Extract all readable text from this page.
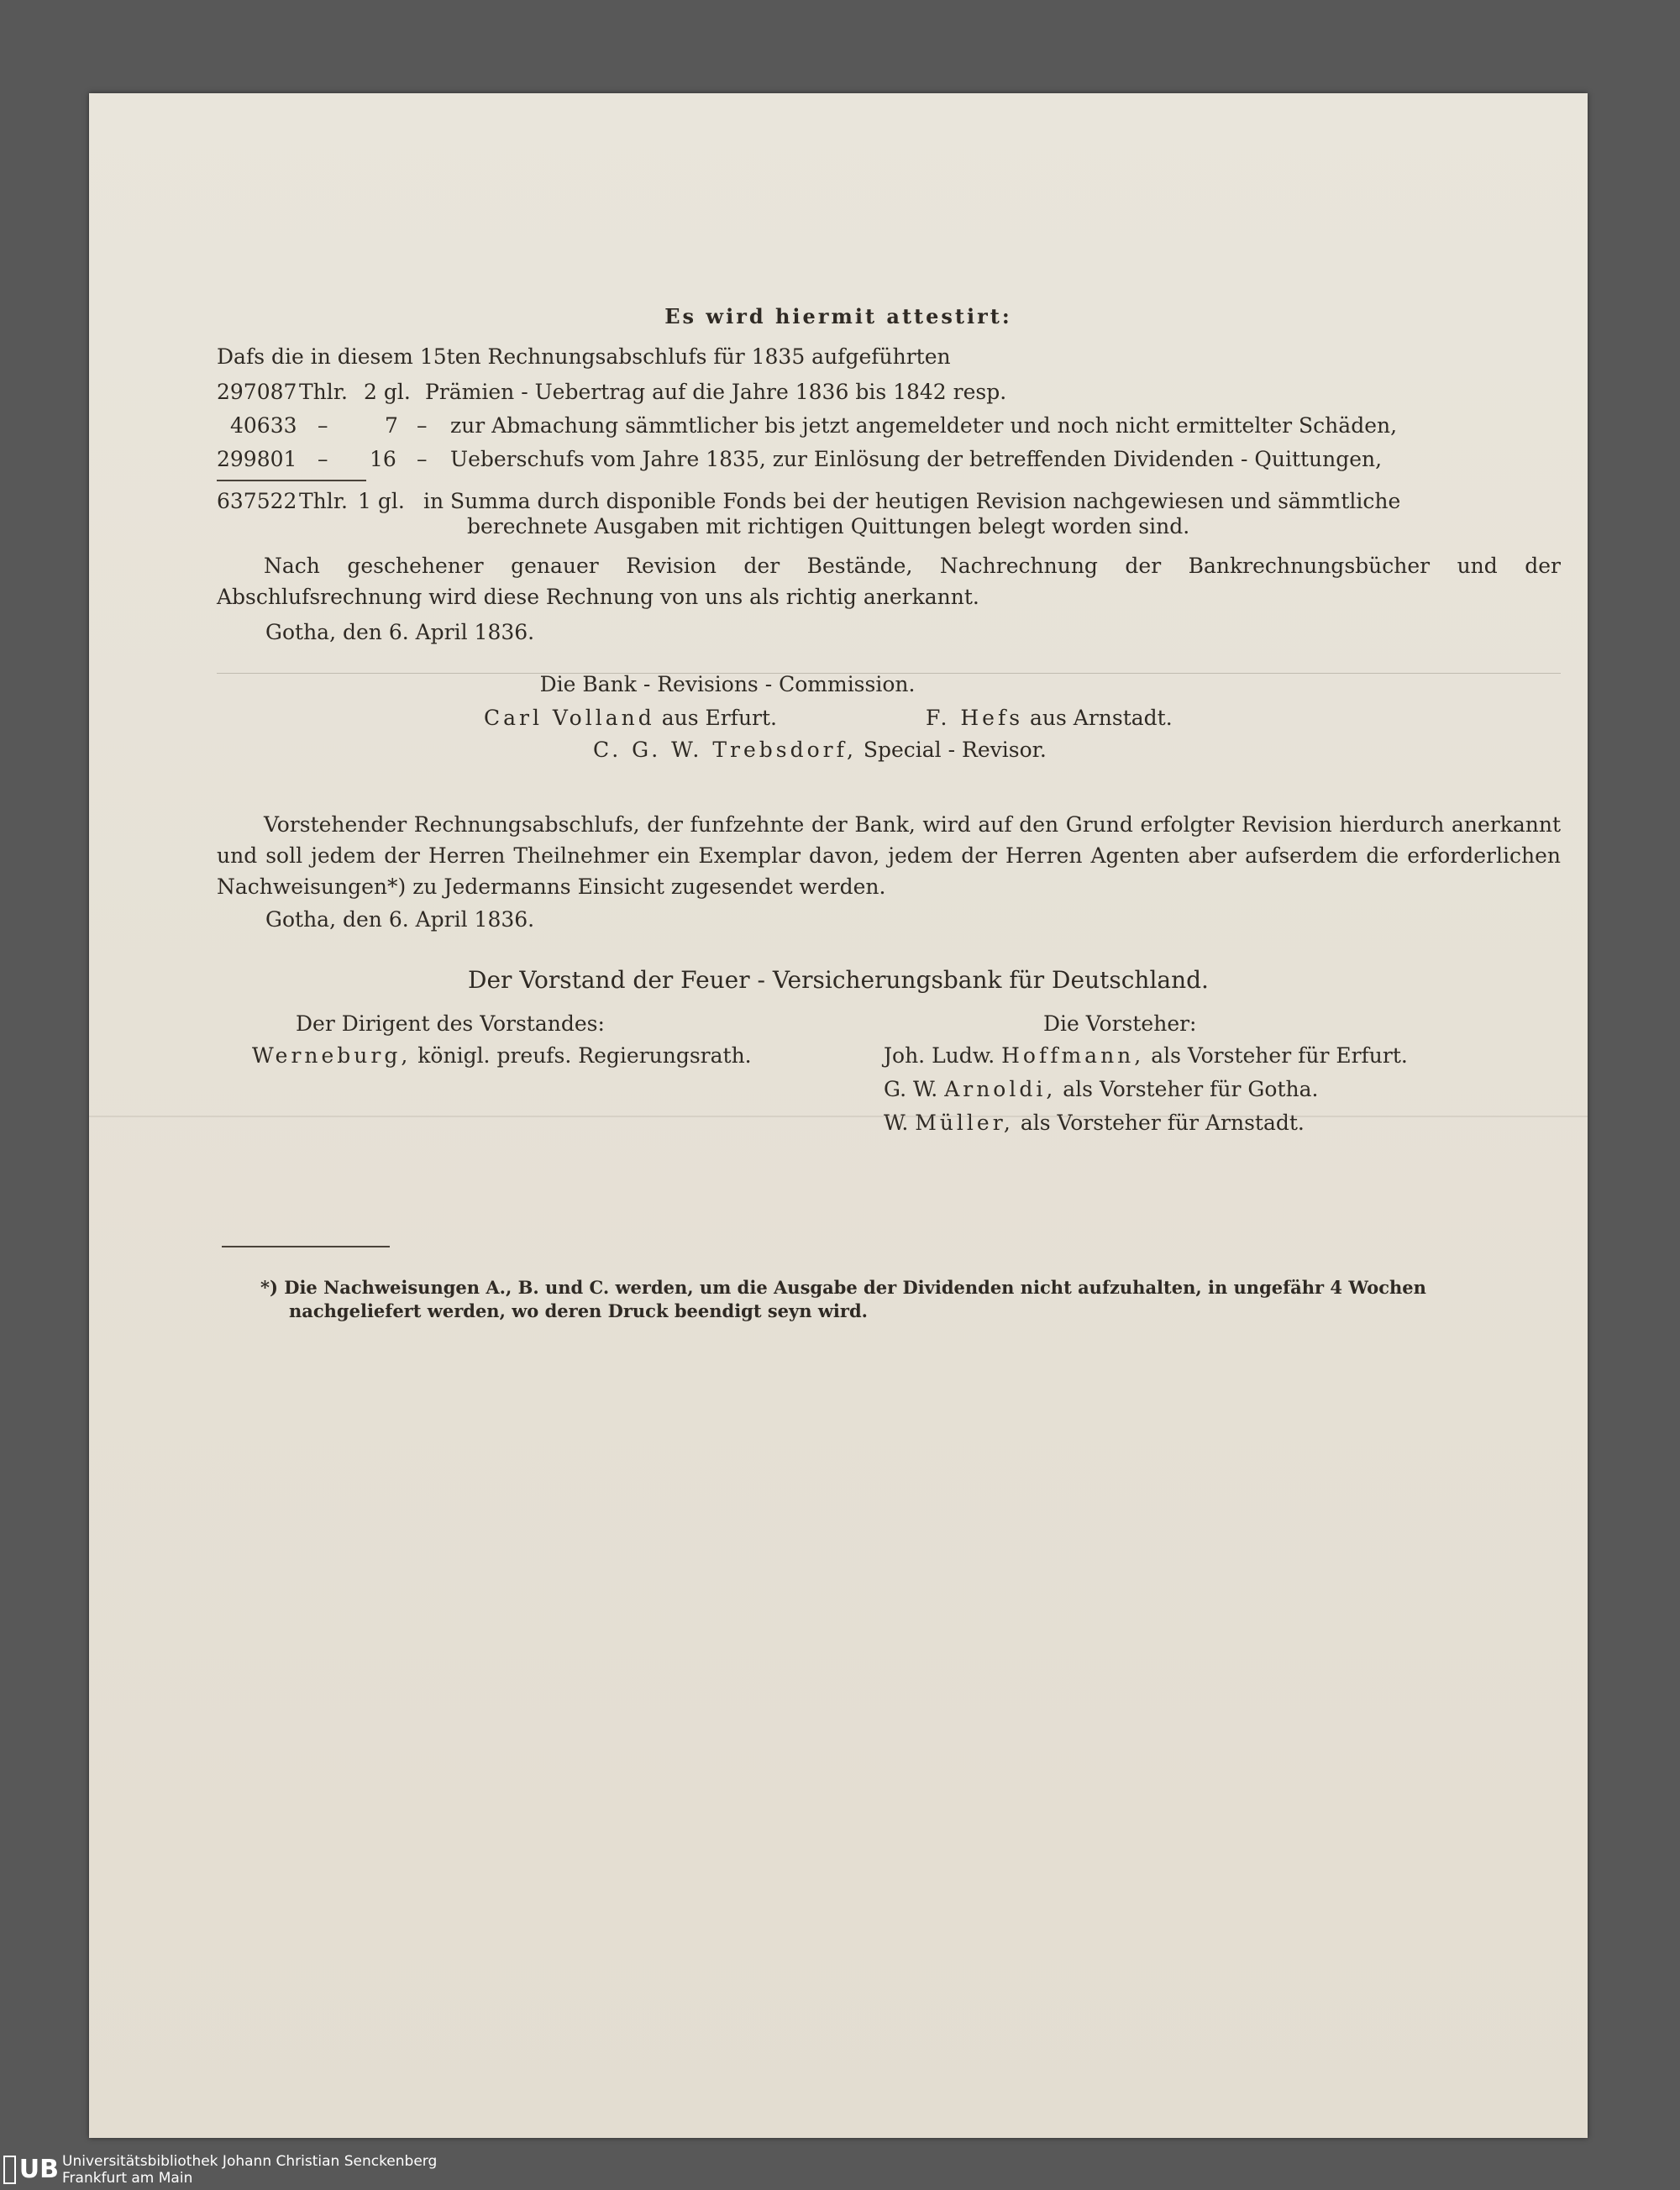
Es wird hiermit attestirt:
Dafs die in diesem 15ten Rechnungsabschlufs für 1835 aufgeführten
297087 Thlr. 2 gl. Prämien - Uebertrag auf die Jahre 1836 bis 1842 resp.
40633 –	7 – zur Abmachung sämmtlicher bis jetzt angemeldeter und noch nicht ermittelter Schäden,
299801 – 16 – Ueberschufs vom Jahre 1835, zur Einlösung der betreffenden Dividenden - Quittungen,
637522 Thlr. 1 gl. in Summa durch disponible Fonds bei der heutigen Revision nachgewiesen und sämmtliche
berechnete Ausgaben mit richtigen Quittungen belegt worden sind.

Nach geschehener genauer Revision der Bestände, Nachrechnung der Bankrechnungsbücher und der Abschlufsrechnung wird diese Rechnung von uns als richtig anerkannt.

Gotha, den 6. April 1836.
Die Bank - Revisions - Commission.
Carl Volland aus Erfurt.	F. Hefs aus Arnstadt.
C. G. W. Trebsdorf, Special - Revisor.

Vorstehender Rechnungsabschlufs, der funfzehnte der Bank, wird auf den Grund erfolgter Revision hierdurch anerkannt und soll jedem der Herren Theilnehmer ein Exemplar davon, jedem der Herren Agenten aber aufserdem die erforderlichen Nachweisungen*) zu Jedermanns Einsicht zugesendet werden.

Gotha, den 6. April 1836.
Der Vorstand der Feuer - Versicherungsbank für Deutschland.
Der Dirigent des Vorstandes:
Werneburg, königl. preufs. Regierungsrath.
Die Vorsteher:
Joh. Ludw. Hoffmann, als Vorsteher für Erfurt.
G. W. Arnoldi, als Vorsteher für Gotha.
W. Müller, als Vorsteher für Arnstadt.
*) Die Nachweisungen A., B. und C. werden, um die Ausgabe der Dividenden nicht aufzuhalten, in ungefähr 4 Wochen
nachgeliefert werden, wo deren Druck beendigt seyn wird.
UB Universitätsbibliothek Johann Christian Senckenberg
Frankfurt am Main
